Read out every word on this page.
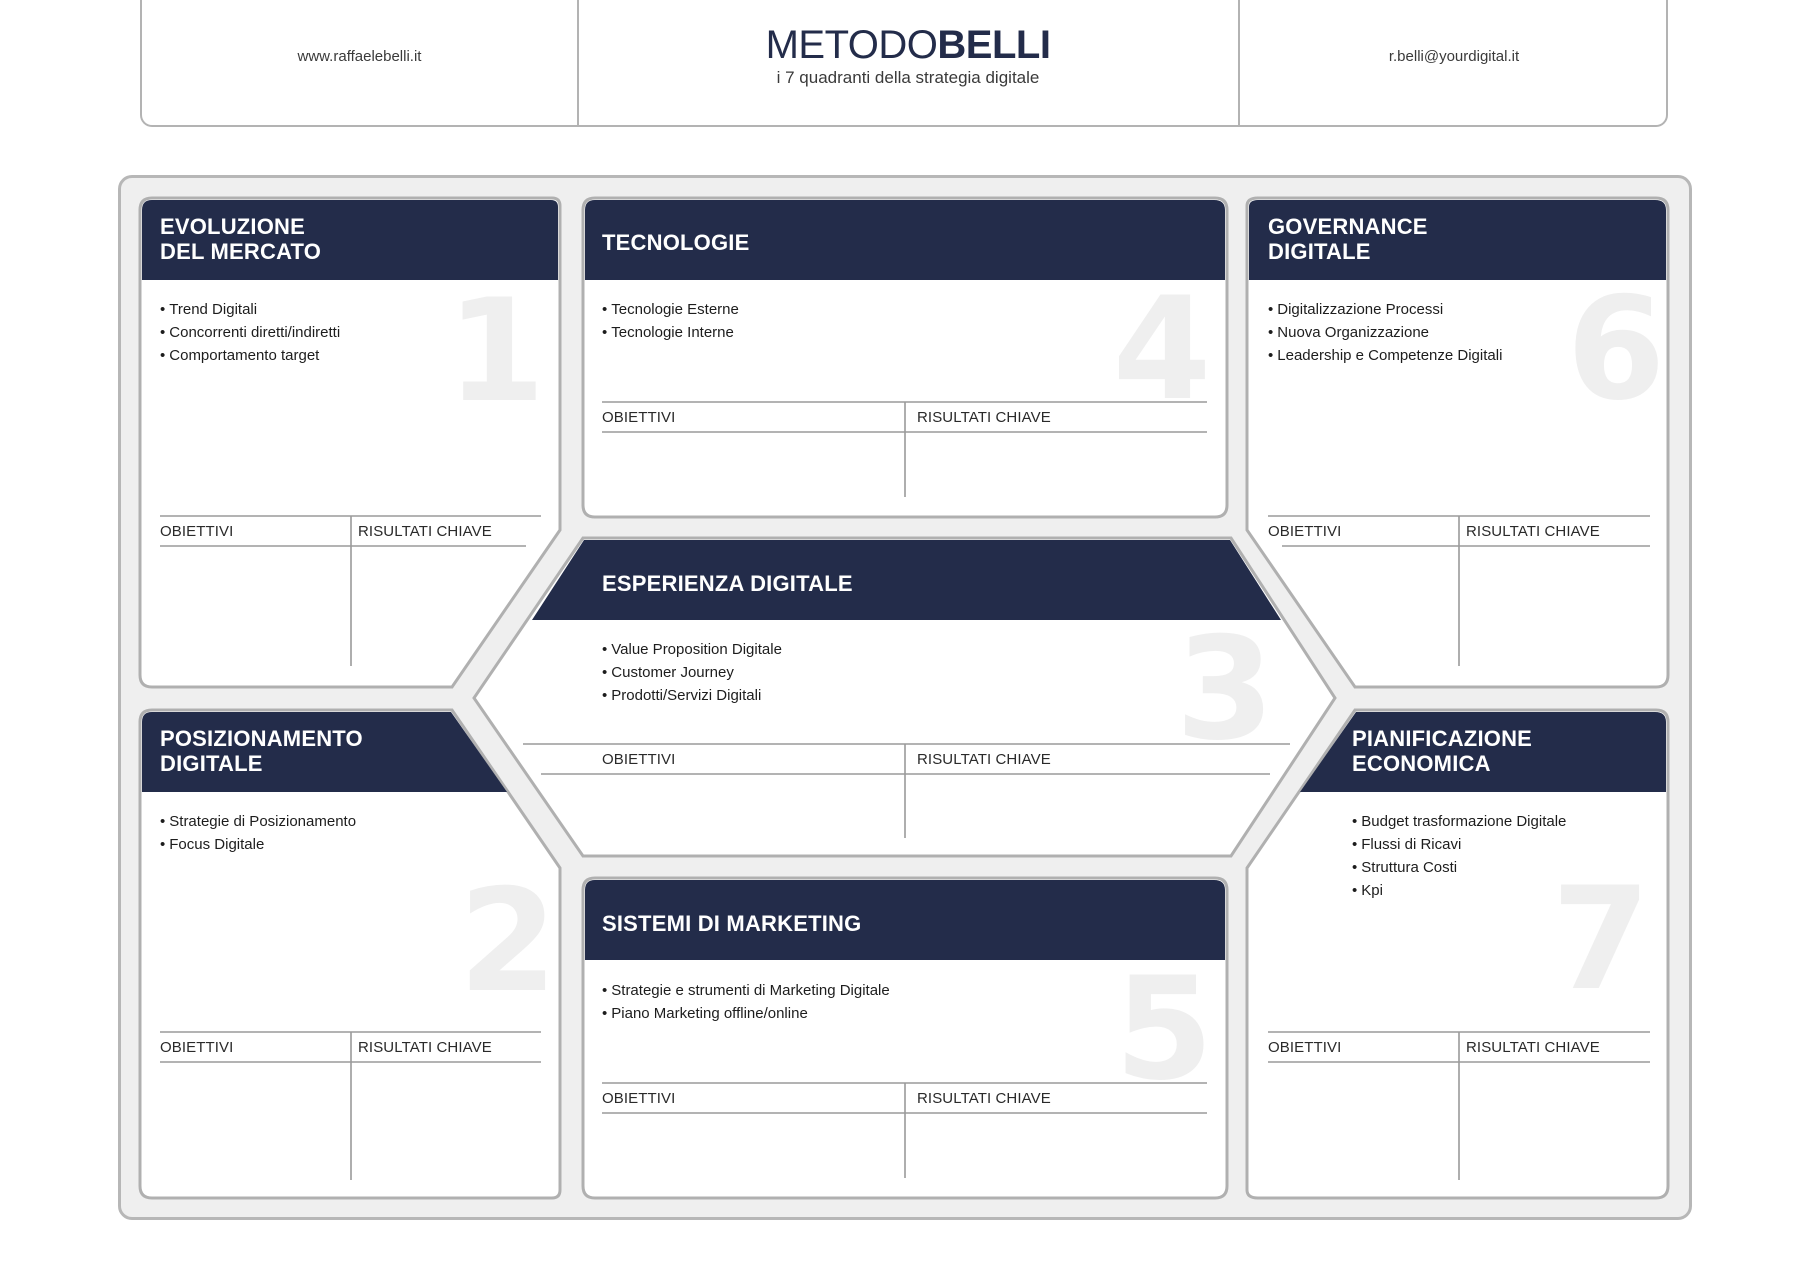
www.raffaelebelli.it	METODOBELLI
i 7 quadranti della strategia digitale
r.belli@yourdigital.it
1
2
4
3
5
6
7
EVOLUZIONE
DEL MERCATO
POSIZIONAMENTO
DIGITALE
TECNOLOGIE
ESPERIENZA DIGITALE
SISTEMI DI MARKETING
GOVERNANCE
DIGITALE
PIANIFICAZIONE
ECONOMICA
• Trend Digitali
• Concorrenti diretti/indiretti
• Comportamento target
• Strategie di Posizionamento
• Focus Digitale
• Tecnologie Esterne
• Tecnologie Interne
• Value Proposition Digitale
• Customer Journey
• Prodotti/Servizi Digitali
• Strategie e strumenti di Marketing Digitale
• Piano Marketing offline/online
• Digitalizzazione Processi
• Nuova Organizzazione
• Leadership e Competenze Digitali
• Budget trasformazione Digitale
• Flussi di Ricavi
• Struttura Costi
• Kpi
OBIETTIVI	RISULTATI CHIAVE
OBIETTIVI	RISULTATI CHIAVE
OBIETTIVI	RISULTATI CHIAVE
OBIETTIVI	RISULTATI CHIAVE
OBIETTIVI	RISULTATI CHIAVE
OBIETTIVI	RISULTATI CHIAVE
OBIETTIVI	RISULTATI CHIAVE
